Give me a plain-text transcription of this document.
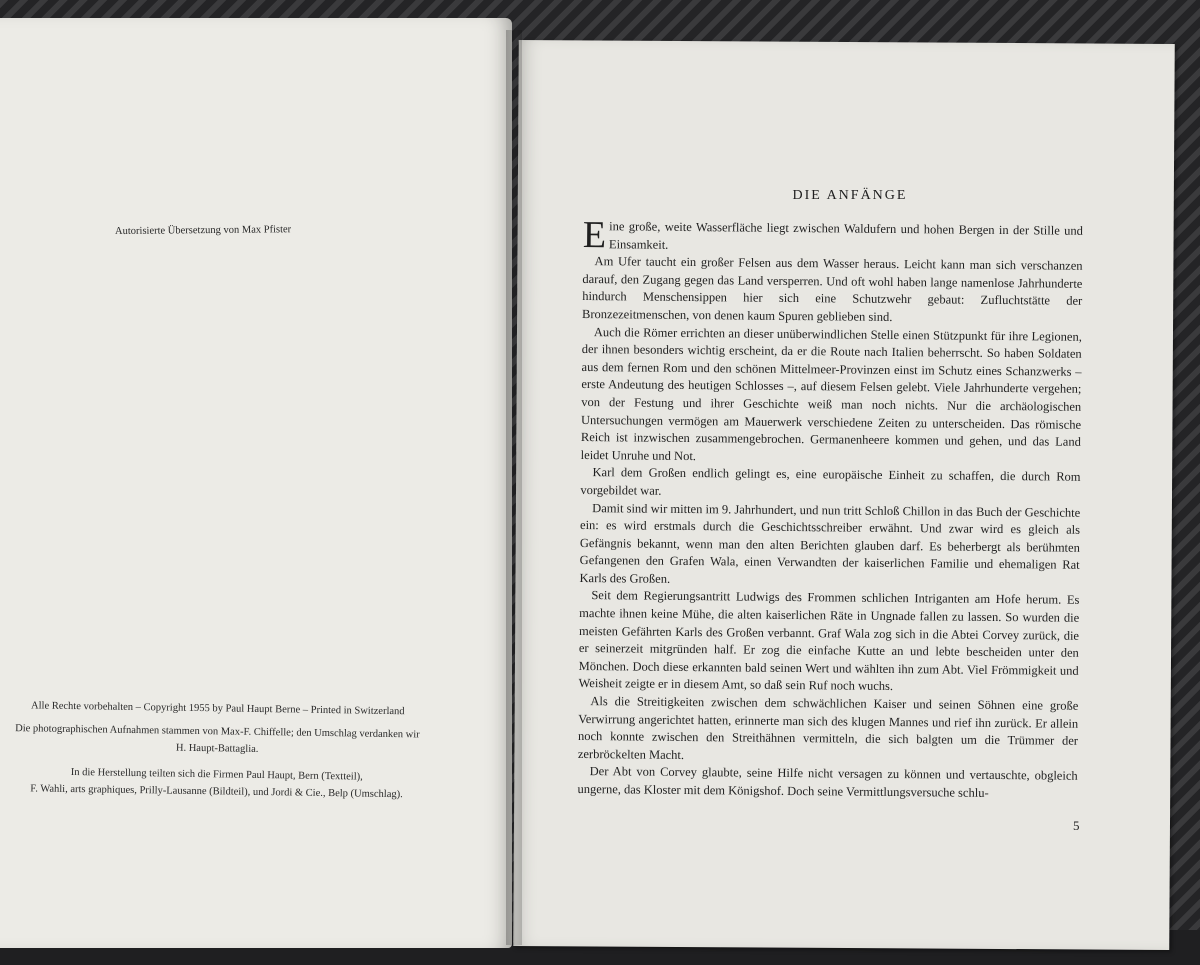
Autorisierte Übersetzung von Max Pfister

Alle Rechte vorbehalten – Copyright 1955 by Paul Haupt Berne – Printed in Switzerland

Die photographischen Aufnahmen stammen von Max-F. Chiffelle; den Umschlag verdanken wir
H. Haupt-Battaglia.

In die Herstellung teilten sich die Firmen Paul Haupt, Bern (Textteil),
F. Wahli, arts graphiques, Prilly-Lausanne (Bildteil), und Jordi & Cie., Belp (Umschlag).

DIE ANFÄNGE

Eine große, weite Wasserfläche liegt zwischen Waldufern und hohen Bergen in der Stille und Einsamkeit.

Am Ufer taucht ein großer Felsen aus dem Wasser heraus. Leicht kann man sich verschanzen darauf, den Zugang gegen das Land versperren. Und oft wohl haben lange namenlose Jahrhunderte hindurch Menschensippen hier sich eine Schutzwehr gebaut: Zufluchtstätte der Bronzezeitmenschen, von denen kaum Spuren geblieben sind.

Auch die Römer errichten an dieser unüberwindlichen Stelle einen Stützpunkt für ihre Legionen, der ihnen besonders wichtig erscheint, da er die Route nach Italien beherrscht. So haben Soldaten aus dem fernen Rom und den schönen Mittelmeer-Provinzen einst im Schutz eines Schanzwerks – erste Andeutung des heutigen Schlosses –, auf diesem Felsen gelebt. Viele Jahrhunderte vergehen; von der Festung und ihrer Geschichte weiß man noch nichts. Nur die archäologischen Untersuchungen vermögen am Mauerwerk verschiedene Zeiten zu unterscheiden. Das römische Reich ist inzwischen zusammengebrochen. Germanenheere kommen und gehen, und das Land leidet Unruhe und Not.

Karl dem Großen endlich gelingt es, eine europäische Einheit zu schaffen, die durch Rom vorgebildet war.

Damit sind wir mitten im 9. Jahrhundert, und nun tritt Schloß Chillon in das Buch der Geschichte ein: es wird erstmals durch die Geschichtsschreiber erwähnt. Und zwar wird es gleich als Gefängnis bekannt, wenn man den alten Berichten glauben darf. Es beherbergt als berühmten Gefangenen den Grafen Wala, einen Verwandten der kaiserlichen Familie und ehemaligen Rat Karls des Großen.

Seit dem Regierungsantritt Ludwigs des Frommen schlichen Intriganten am Hofe herum. Es machte ihnen keine Mühe, die alten kaiserlichen Räte in Ungnade fallen zu lassen. So wurden die meisten Gefährten Karls des Großen verbannt. Graf Wala zog sich in die Abtei Corvey zurück, die er seinerzeit mitgründen half. Er zog die einfache Kutte an und lebte bescheiden unter den Mönchen. Doch diese erkannten bald seinen Wert und wählten ihn zum Abt. Viel Frömmigkeit und Weisheit zeigte er in diesem Amt, so daß sein Ruf noch wuchs.

Als die Streitigkeiten zwischen dem schwächlichen Kaiser und seinen Söhnen eine große Verwirrung angerichtet hatten, erinnerte man sich des klugen Mannes und rief ihn zurück. Er allein noch konnte zwischen den Streithähnen vermitteln, die sich balgten um die Trümmer der zerbröckelten Macht.

Der Abt von Corvey glaubte, seine Hilfe nicht versagen zu können und vertauschte, obgleich ungerne, das Kloster mit dem Königshof. Doch seine Vermittlungsversuche schlu-

5
